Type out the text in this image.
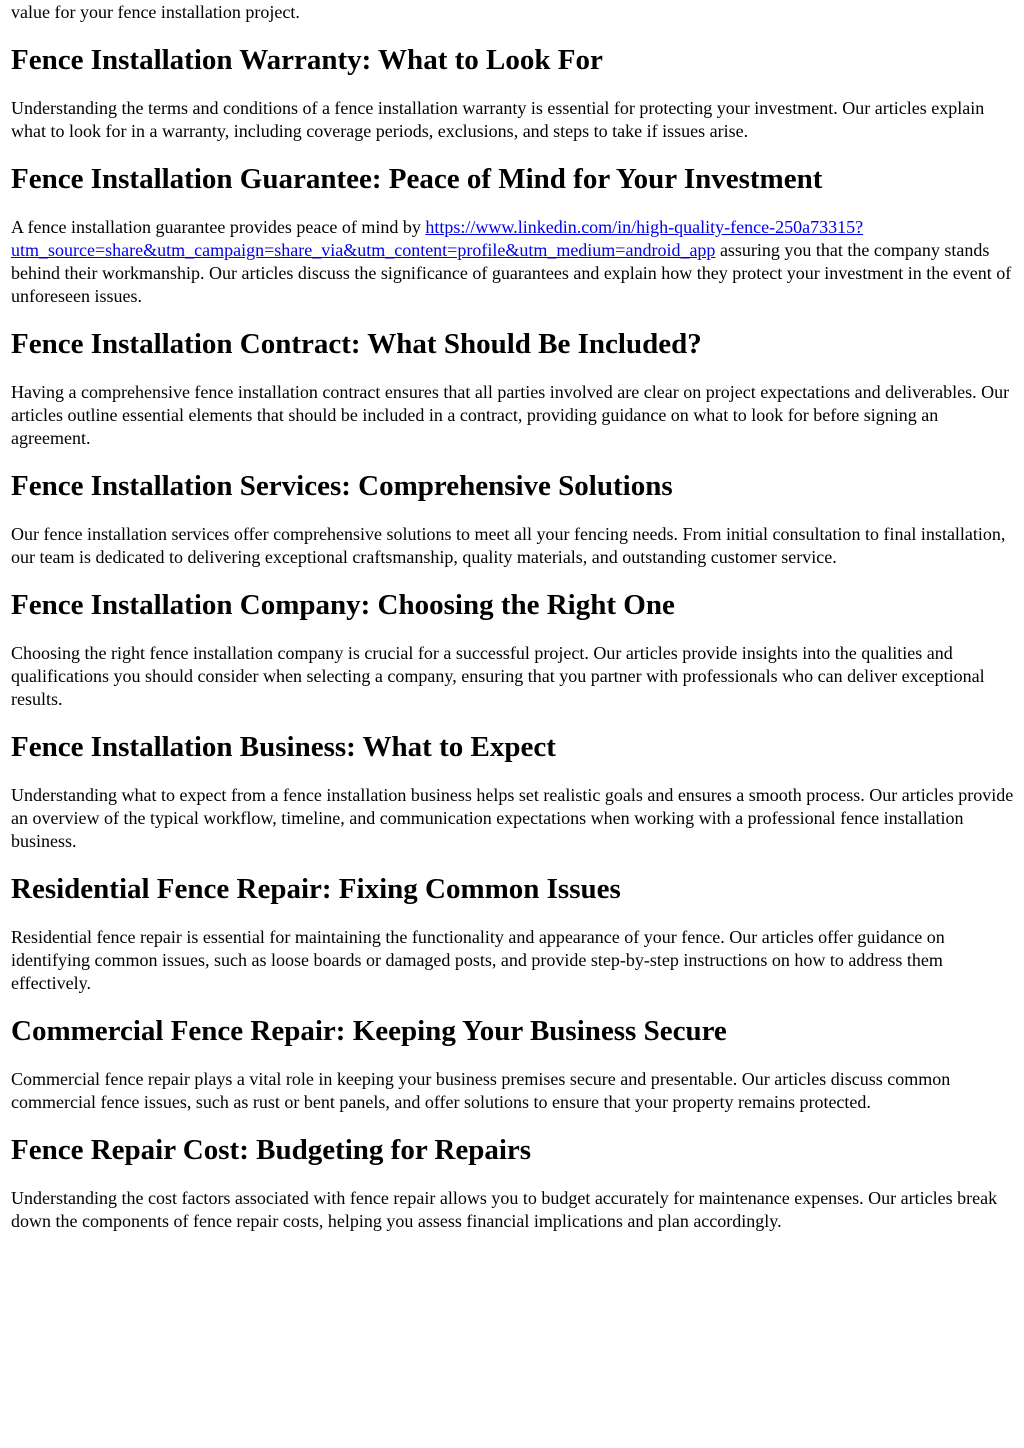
value for your fence installation project.

Fence Installation Warranty: What to Look For

Understanding the terms and conditions of a fence installation warranty is essential for protecting your investment. Our articles explain what to look for in a warranty, including coverage periods, exclusions, and steps to take if issues arise.

Fence Installation Guarantee: Peace of Mind for Your Investment

A fence installation guarantee provides peace of mind by https://www.linkedin.com/in/high-quality-fence-250a73315?
utm_source=share&utm_campaign=share_via&utm_content=profile&utm_medium=android_app assuring you that the company stands behind their workmanship. Our articles discuss the significance of guarantees and explain how they protect your investment in the event of unforeseen issues.

Fence Installation Contract: What Should Be Included?

Having a comprehensive fence installation contract ensures that all parties involved are clear on project expectations and deliverables. Our articles outline essential elements that should be included in a contract, providing guidance on what to look for before signing an agreement.

Fence Installation Services: Comprehensive Solutions

Our fence installation services offer comprehensive solutions to meet all your fencing needs. From initial consultation to final installation, our team is dedicated to delivering exceptional craftsmanship, quality materials, and outstanding customer service.

Fence Installation Company: Choosing the Right One

Choosing the right fence installation company is crucial for a successful project. Our articles provide insights into the qualities and qualifications you should consider when selecting a company, ensuring that you partner with professionals who can deliver exceptional results.

Fence Installation Business: What to Expect

Understanding what to expect from a fence installation business helps set realistic goals and ensures a smooth process. Our articles provide an overview of the typical workflow, timeline, and communication expectations when working with a professional fence installation business.

Residential Fence Repair: Fixing Common Issues

Residential fence repair is essential for maintaining the functionality and appearance of your fence. Our articles offer guidance on identifying common issues, such as loose boards or damaged posts, and provide step-by-step instructions on how to address them effectively.

Commercial Fence Repair: Keeping Your Business Secure

Commercial fence repair plays a vital role in keeping your business premises secure and presentable. Our articles discuss common commercial fence issues, such as rust or bent panels, and offer solutions to ensure that your property remains protected.

Fence Repair Cost: Budgeting for Repairs

Understanding the cost factors associated with fence repair allows you to budget accurately for maintenance expenses. Our articles break down the components of fence repair costs, helping you assess financial implications and plan accordingly.
